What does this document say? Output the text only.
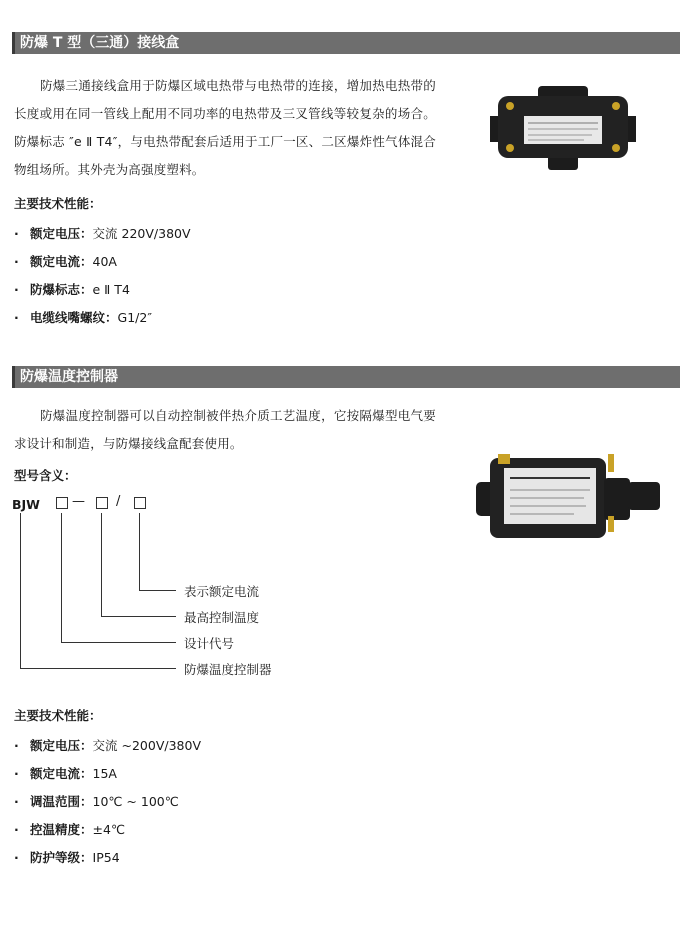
防爆 T 型（三通）接线盒
防爆三通接线盒用于防爆区域电热带与电热带的连接，增加热电热带的长度或用在同一管线上配用不同功率的电热带及三叉管线等较复杂的场合。防爆标志 ″e Ⅱ T4″，与电热带配套后适用于工厂一区、二区爆炸性气体混合物组场所。其外壳为高强度塑料。
主要技术性能：
· 额定电压：交流 220V/380V
· 额定电流：40A
· 防爆标志：e Ⅱ T4
· 电缆线嘴螺纹：G1/2″
防爆温度控制器
防爆温度控制器可以自动控制被伴热介质工艺温度，它按隔爆型电气要求设计和制造，与防爆接线盒配套使用。
型号含义：
BJW — /
表示额定电流
最高控制温度
设计代号
防爆温度控制器
主要技术性能：
· 额定电压：交流 ~200V/380V
· 额定电流：15A
· 调温范围：10℃ ~ 100℃
· 控温精度：±4℃
· 防护等级：IP54
